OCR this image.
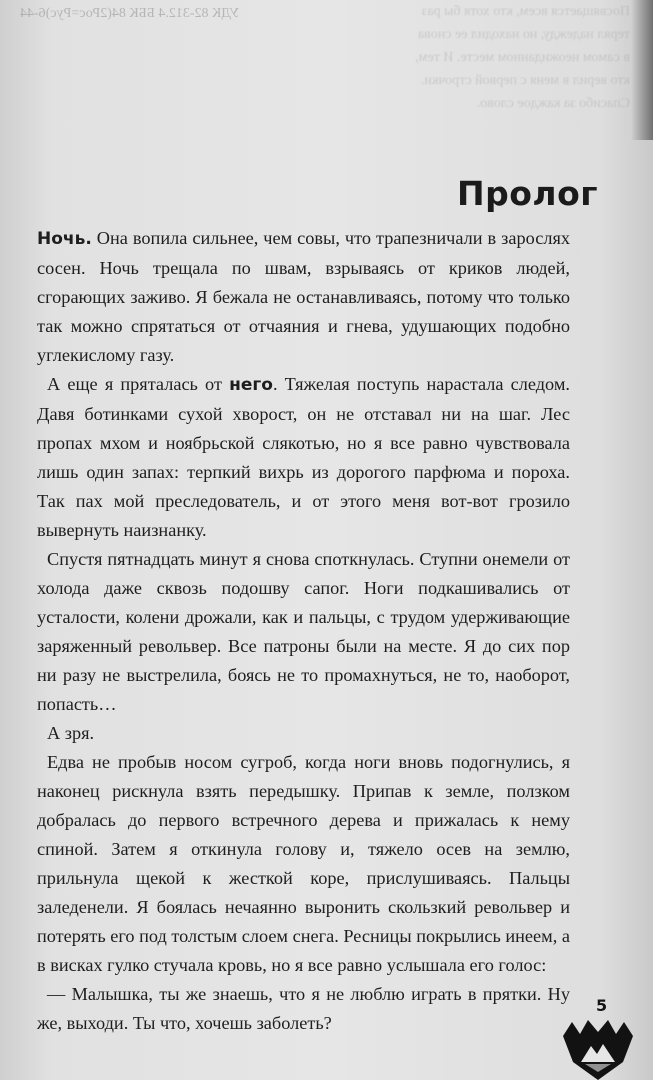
УДК 82-312.4 ББК 84(2Рос=Рус)6-44	Посвящается всем, кто хотя бы раз
терял надежду, но находил ее снова
в самом неожиданном месте. И тем,
кто верил в меня с первой строчки.
Спасибо за каждое слово.
Пролог

Ночь. Она вопила сильнее, чем совы, что трапезничали в зарослях сосен. Ночь трещала по швам, взрываясь от криков людей, сгорающих заживо. Я бежала не останавливаясь, потому что только так можно спрятаться от отчаяния и гнева, удушающих подобно углекислому газу.

А еще я пряталась от него. Тяжелая поступь нарастала следом. Давя ботинками сухой хворост, он не отставал ни на шаг. Лес пропах мхом и ноябрьской слякотью, но я все равно чувствовала лишь один запах: терпкий вихрь из дорогого парфюма и пороха. Так пах мой преследователь, и от этого меня вот-вот грозило вывернуть наизнанку.

Спустя пятнадцать минут я снова споткнулась. Ступни онемели от холода даже сквозь подошву сапог. Ноги подкашивались от усталости, колени дрожали, как и пальцы, с трудом удерживающие заряженный револьвер. Все патроны были на месте. Я до сих пор ни разу не выстрелила, боясь не то промахнуться, не то, наоборот, попасть…

А зря.

Едва не пробыв носом сугроб, когда ноги вновь подогнулись, я наконец рискнула взять передышку. Припав к земле, ползком добралась до первого встречного дерева и прижалась к нему спиной. Затем я откинула голову и, тяжело осев на землю, прильнула щекой к жесткой коре, прислушиваясь. Пальцы заледенели. Я боялась нечаянно выронить скользкий револьвер и потерять его под толстым слоем снега. Ресницы покрылись инеем, а в висках гулко стучала кровь, но я все равно услышала его голос:

— Малышка, ты же знаешь, что я не люблю играть в прятки. Ну же, выходи. Ты что, хочешь заболеть?

5
